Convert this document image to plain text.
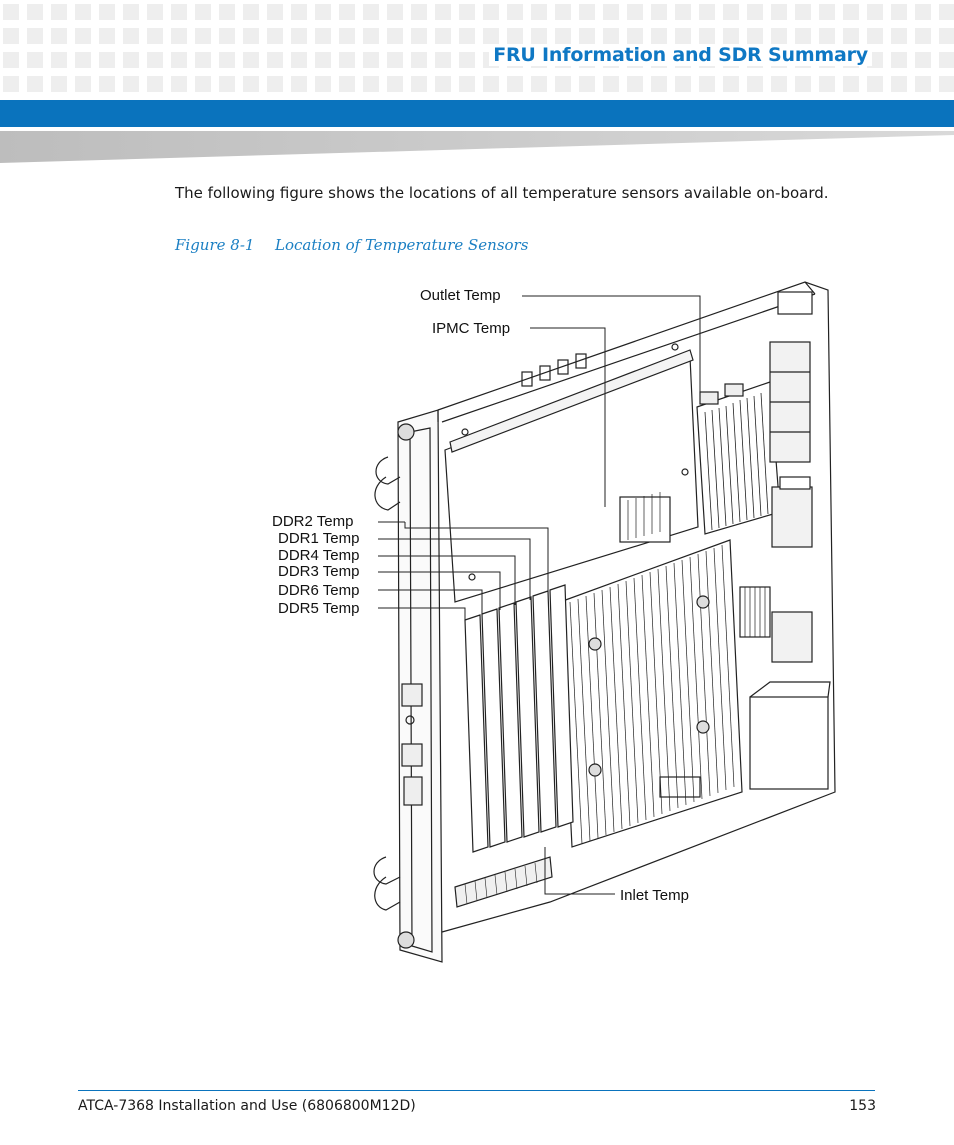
FRU Information and SDR Summary
The following figure shows the locations of all temperature sensors available on-board.
Figure 8-1 Location of Temperature Sensors
Outlet Temp
IPMC Temp
DDR2 Temp
DDR1 Temp
DDR4 Temp
DDR3 Temp
DDR6 Temp
DDR5 Temp
Inlet Temp
ATCA-7368 Installation and Use (6806800M12D)	153
